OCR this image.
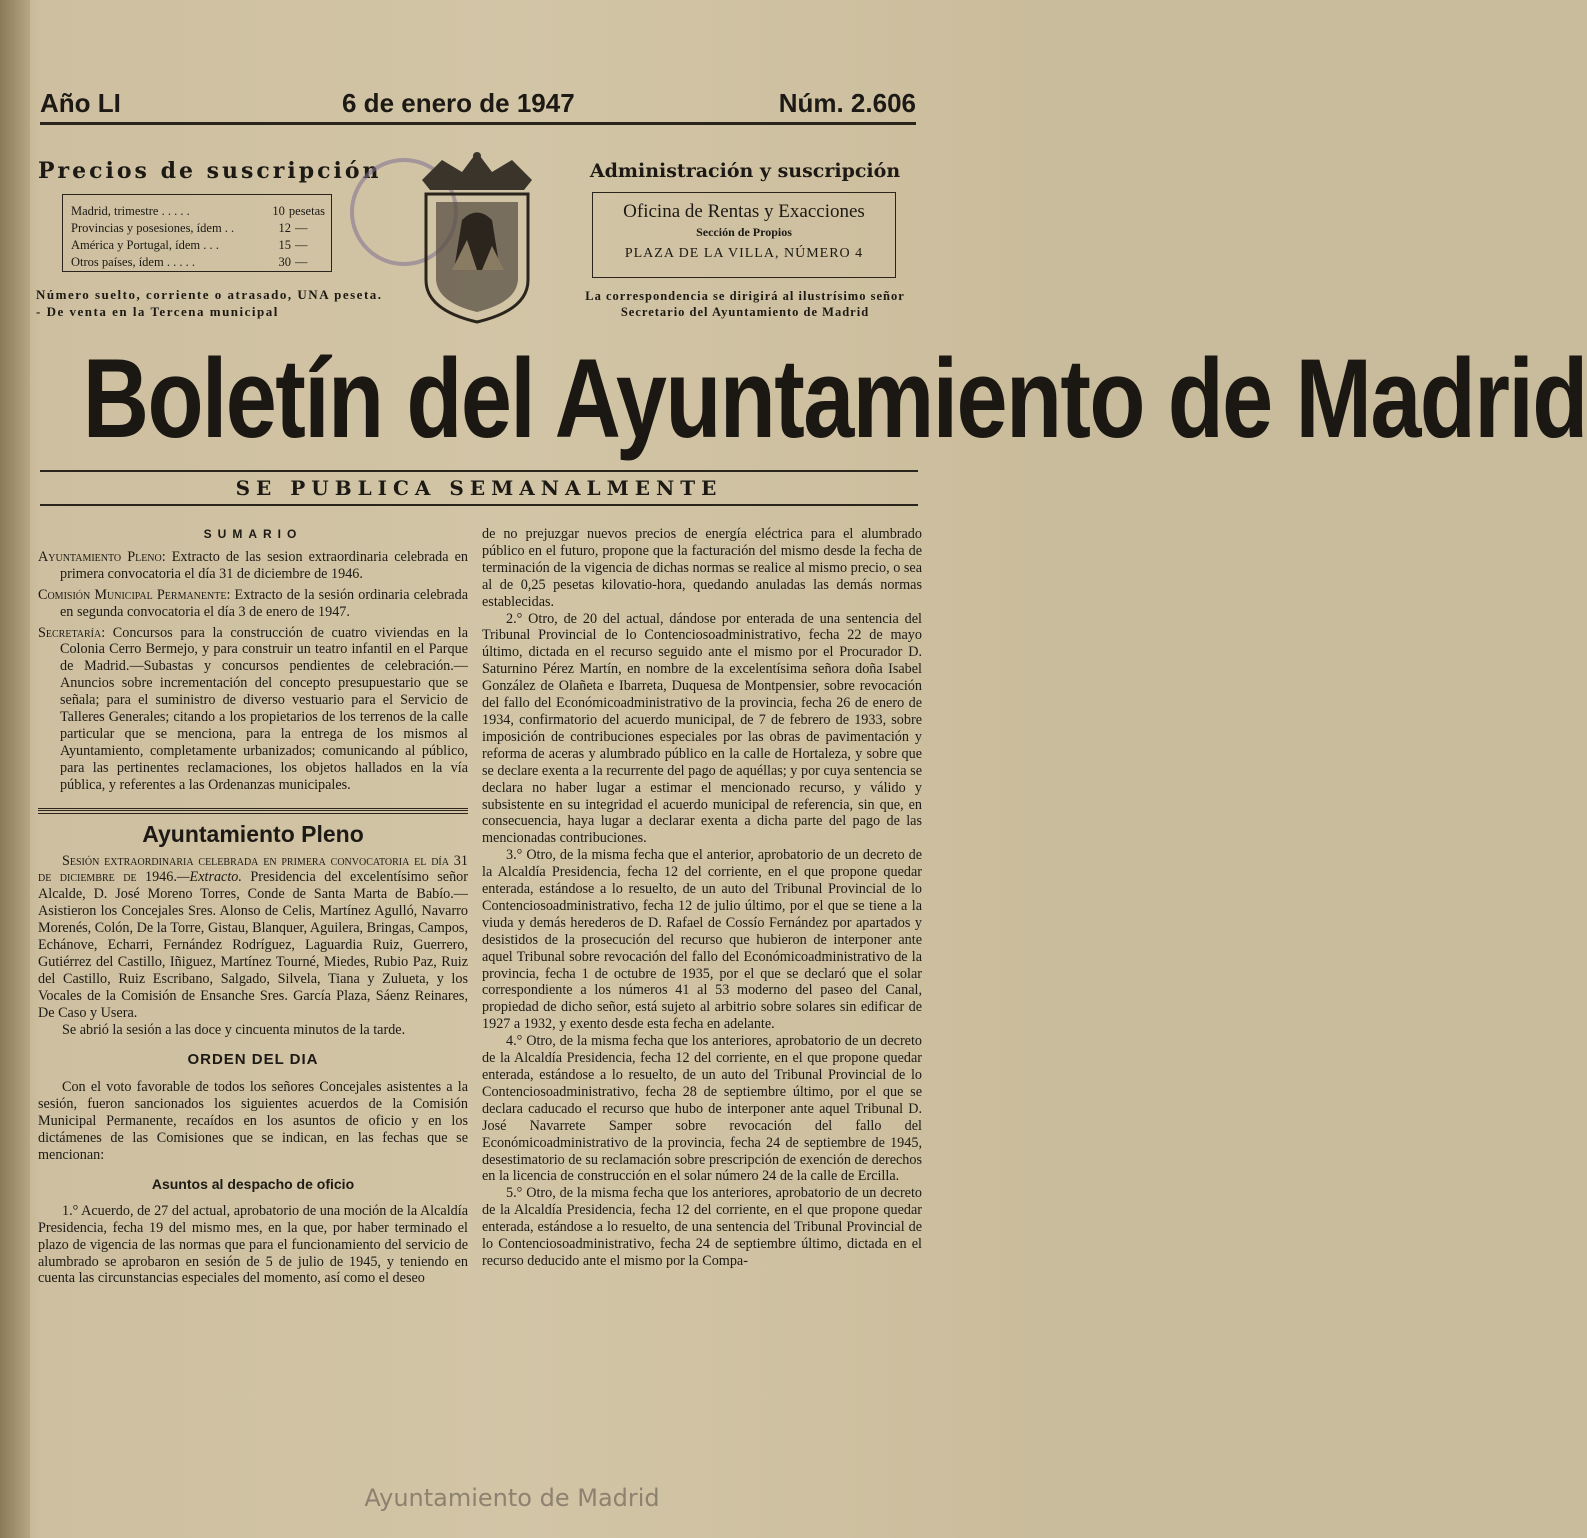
Año LI	6 de enero de 1947	Núm. 2.606
Precios de suscripción
Madrid, trimestre . . . . .	10 pesetas
Provincias y posesiones, ídem . .	12 —
América y Portugal, ídem . . .	15 —
Otros países, ídem . . . . .	30 —
Número suelto, corriente o atrasado, UNA peseta. - De venta en la Tercena municipal
Administración y suscripción
Oficina de Rentas y Exacciones
Sección de Propios
PLAZA DE LA VILLA, NÚMERO 4
La correspondencia se dirigirá al ilustrísimo señor Secretario del Ayuntamiento de Madrid
Boletín del Ayuntamiento de Madrid
SE PUBLICA SEMANALMENTE
SUMARIO

Ayuntamiento Pleno: Extracto de las sesion extraordinaria celebrada en primera convocatoria el día 31 de diciembre de 1946.

Comisión Municipal Permanente: Extracto de la sesión ordinaria celebrada en segunda convocatoria el día 3 de enero de 1947.

Secretaría: Concursos para la construcción de cuatro viviendas en la Colonia Cerro Bermejo, y para construir un teatro infantil en el Parque de Madrid.—Subastas y concursos pendientes de celebración.—Anuncios sobre incrementación del concepto presupuestario que se señala; para el suministro de diverso vestuario para el Servicio de Talleres Generales; citando a los propietarios de los terrenos de la calle particular que se menciona, para la entrega de los mismos al Ayuntamiento, completamente urbanizados; comunicando al público, para las pertinentes reclamaciones, los objetos hallados en la vía pública, y referentes a las Ordenanzas municipales.

Ayuntamiento Pleno

Sesión extraordinaria celebrada en primera convocatoria el día 31 de diciembre de 1946.—Extracto. Presidencia del excelentísimo señor Alcalde, D. José Moreno Torres, Conde de Santa Marta de Babío.—Asistieron los Concejales Sres. Alonso de Celis, Martínez Agulló, Navarro Morenés, Colón, De la Torre, Gistau, Blanquer, Aguilera, Bringas, Campos, Echánove, Echarri, Fernández Rodríguez, Laguardia Ruiz, Guerrero, Gutiérrez del Castillo, Iñiguez, Martínez Tourné, Miedes, Rubio Paz, Ruiz del Castillo, Ruiz Escribano, Salgado, Silvela, Tiana y Zulueta, y los Vocales de la Comisión de Ensanche Sres. García Plaza, Sáenz Reinares, De Caso y Usera.

Se abrió la sesión a las doce y cincuenta minutos de la tarde.

ORDEN DEL DIA

Con el voto favorable de todos los señores Concejales asistentes a la sesión, fueron sancionados los siguientes acuerdos de la Comisión Municipal Permanente, recaídos en los asuntos de oficio y en los dictámenes de las Comisiones que se indican, en las fechas que se mencionan:

Asuntos al despacho de oficio

1.° Acuerdo, de 27 del actual, aprobatorio de una moción de la Alcaldía Presidencia, fecha 19 del mismo mes, en la que, por haber terminado el plazo de vigencia de las normas que para el funcionamiento del servicio de alumbrado se aprobaron en sesión de 5 de julio de 1945, y teniendo en cuenta las circunstancias especiales del momento, así como el deseo

de no prejuzgar nuevos precios de energía eléctrica para el alumbrado público en el futuro, propone que la facturación del mismo desde la fecha de terminación de la vigencia de dichas normas se realice al mismo precio, o sea al de 0,25 pesetas kilovatio-hora, quedando anuladas las demás normas establecidas.

2.° Otro, de 20 del actual, dándose por enterada de una sentencia del Tribunal Provincial de lo Contenciosoadministrativo, fecha 22 de mayo último, dictada en el recurso seguido ante el mismo por el Procurador D. Saturnino Pérez Martín, en nombre de la excelentísima señora doña Isabel González de Olañeta e Ibarreta, Duquesa de Montpensier, sobre revocación del fallo del Económicoadministrativo de la provincia, fecha 26 de enero de 1934, confirmatorio del acuerdo municipal, de 7 de febrero de 1933, sobre imposición de contribuciones especiales por las obras de pavimentación y reforma de aceras y alumbrado público en la calle de Hortaleza, y sobre que se declare exenta a la recurrente del pago de aquéllas; y por cuya sentencia se declara no haber lugar a estimar el mencionado recurso, y válido y subsistente en su integridad el acuerdo municipal de referencia, sin que, en consecuencia, haya lugar a declarar exenta a dicha parte del pago de las mencionadas contribuciones.

3.° Otro, de la misma fecha que el anterior, aprobatorio de un decreto de la Alcaldía Presidencia, fecha 12 del corriente, en el que propone quedar enterada, estándose a lo resuelto, de un auto del Tribunal Provincial de lo Contenciosoadministrativo, fecha 12 de julio último, por el que se tiene a la viuda y demás herederos de D. Rafael de Cossío Fernández por apartados y desistidos de la prosecución del recurso que hubieron de interponer ante aquel Tribunal sobre revocación del fallo del Económicoadministrativo de la provincia, fecha 1 de octubre de 1935, por el que se declaró que el solar correspondiente a los números 41 al 53 moderno del paseo del Canal, propiedad de dicho señor, está sujeto al arbitrio sobre solares sin edificar de 1927 a 1932, y exento desde esta fecha en adelante.

4.° Otro, de la misma fecha que los anteriores, aprobatorio de un decreto de la Alcaldía Presidencia, fecha 12 del corriente, en el que propone quedar enterada, estándose a lo resuelto, de un auto del Tribunal Provincial de lo Contenciosoadministrativo, fecha 28 de septiembre último, por el que se declara caducado el recurso que hubo de interponer ante aquel Tribunal D. José Navarrete Samper sobre revocación del fallo del Económicoadministrativo de la provincia, fecha 24 de septiembre de 1945, desestimatorio de su reclamación sobre prescripción de exención de derechos en la licencia de construcción en el solar número 24 de la calle de Ercilla.

5.° Otro, de la misma fecha que los anteriores, aprobatorio de un decreto de la Alcaldía Presidencia, fecha 12 del corriente, en el que propone quedar enterada, estándose a lo resuelto, de una sentencia del Tribunal Provincial de lo Contenciosoadministrativo, fecha 24 de septiembre último, dictada en el recurso deducido ante el mismo por la Compa-

Ayuntamiento de Madrid
